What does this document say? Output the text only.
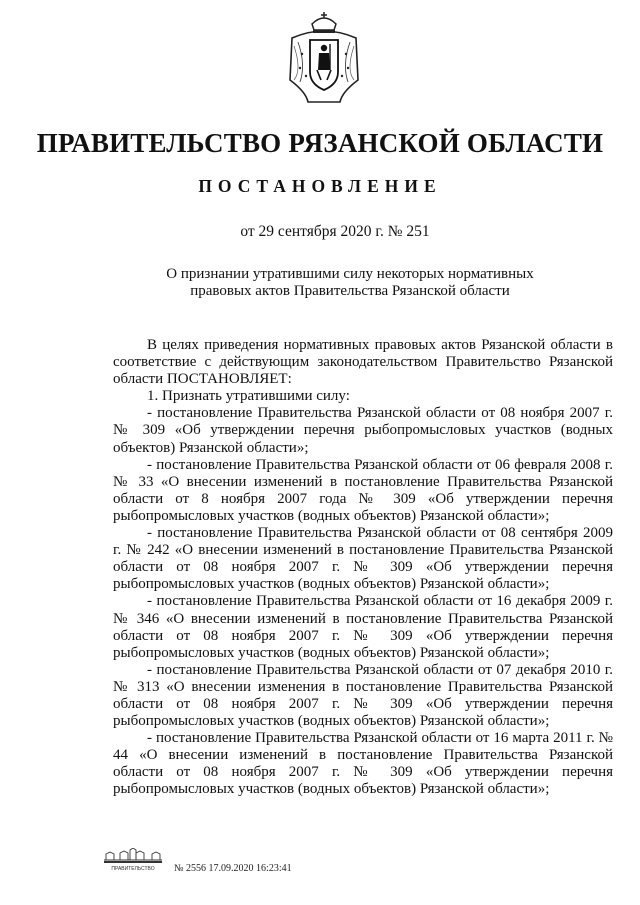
ПРАВИТЕЛЬСТВО РЯЗАНСКОЙ ОБЛАСТИ
ПОСТАНОВЛЕНИЕ
от 29 сентября 2020 г. № 251
О признании утратившими силу некоторых нормативных
правовых актов Правительства Рязанской области

В целях приведения нормативных правовых актов Рязанской области в соответствие с действующим законодательством Правительство Рязанской области ПОСТАНОВЛЯЕТ:

1. Признать утратившими силу:

- постановление Правительства Рязанской области от 08 ноября 2007 г. № 309 «Об утверждении перечня рыбопромысловых участков (водных объектов) Рязанской области»;

- постановление Правительства Рязанской области от 06 февраля 2008 г. № 33 «О внесении изменений в постановление Правительства Рязанской области от 8 ноября 2007 года № 309 «Об утверждении перечня рыбопромысловых участков (водных объектов) Рязанской области»;

- постановление Правительства Рязанской области от 08 сентября 2009 г. № 242 «О внесении изменений в постановление Правительства Рязанской области от 08 ноября 2007 г. № 309 «Об утверждении перечня рыбопромысловых участков (водных объектов) Рязанской области»;

- постановление Правительства Рязанской области от 16 декабря 2009 г. № 346 «О внесении изменений в постановление Правительства Рязанской области от 08 ноября 2007 г. № 309 «Об утверждении перечня рыбопромысловых участков (водных объектов) Рязанской области»;

- постановление Правительства Рязанской области от 07 декабря 2010 г. № 313 «О внесении изменения в постановление Правительства Рязанской области от 08 ноября 2007 г. № 309 «Об утверждении перечня рыбопромысловых участков (водных объектов) Рязанской области»;

- постановление Правительства Рязанской области от 16 марта 2011 г. № 44 «О внесении изменений в постановление Правительства Рязанской области от 08 ноября 2007 г. № 309 «Об утверждении перечня рыбопромысловых участков (водных объектов) Рязанской области»;

ПРАВИТЕЛЬСТВО № 2556 17.09.2020 16:23:41
